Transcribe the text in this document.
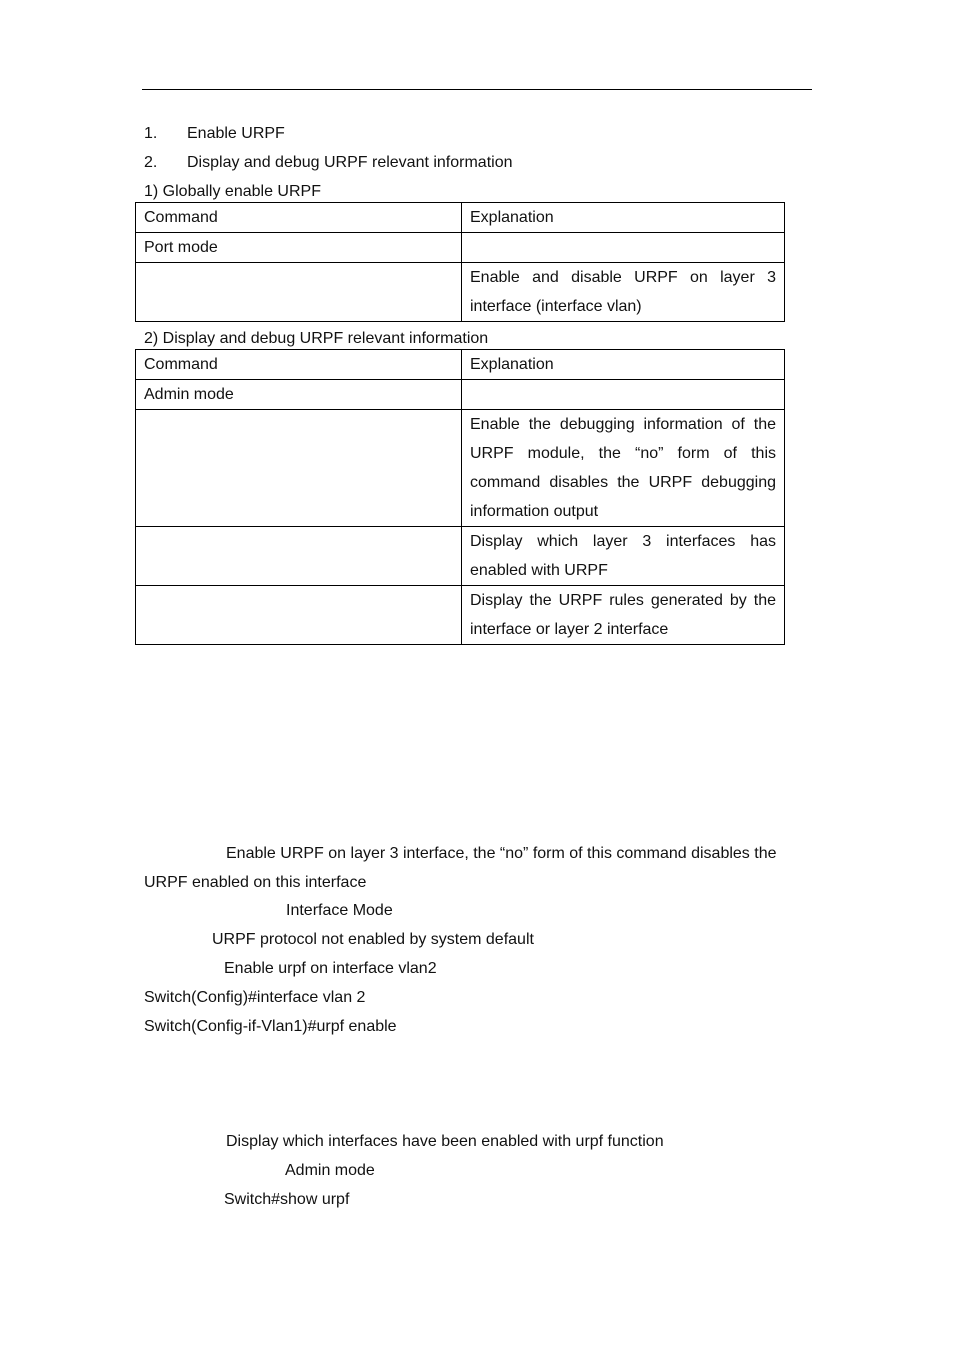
1. Enable URPF
2. Display and debug URPF relevant information
1) Globally enable URPF
Command	Explanation
Port mode	
	Enable and disable URPF on layer 3 interface (interface vlan)
2) Display and debug URPF relevant information
Command	Explanation
Admin mode	
	Enable the debugging information of the URPF module, the “no” form of this command disables the URPF debugging information output
	Display which layer 3 interfaces has enabled with URPF
	Display the URPF rules generated by the interface or layer 2 interface
Enable URPF on layer 3 interface, the “no” form of this command disables the
URPF enabled on this interface
Interface Mode
URPF protocol not enabled by system default
Enable urpf on interface vlan2
Switch(Config)#interface vlan 2
Switch(Config-if-Vlan1)#urpf enable
Display which interfaces have been enabled with urpf function
Admin mode
Switch#show urpf
